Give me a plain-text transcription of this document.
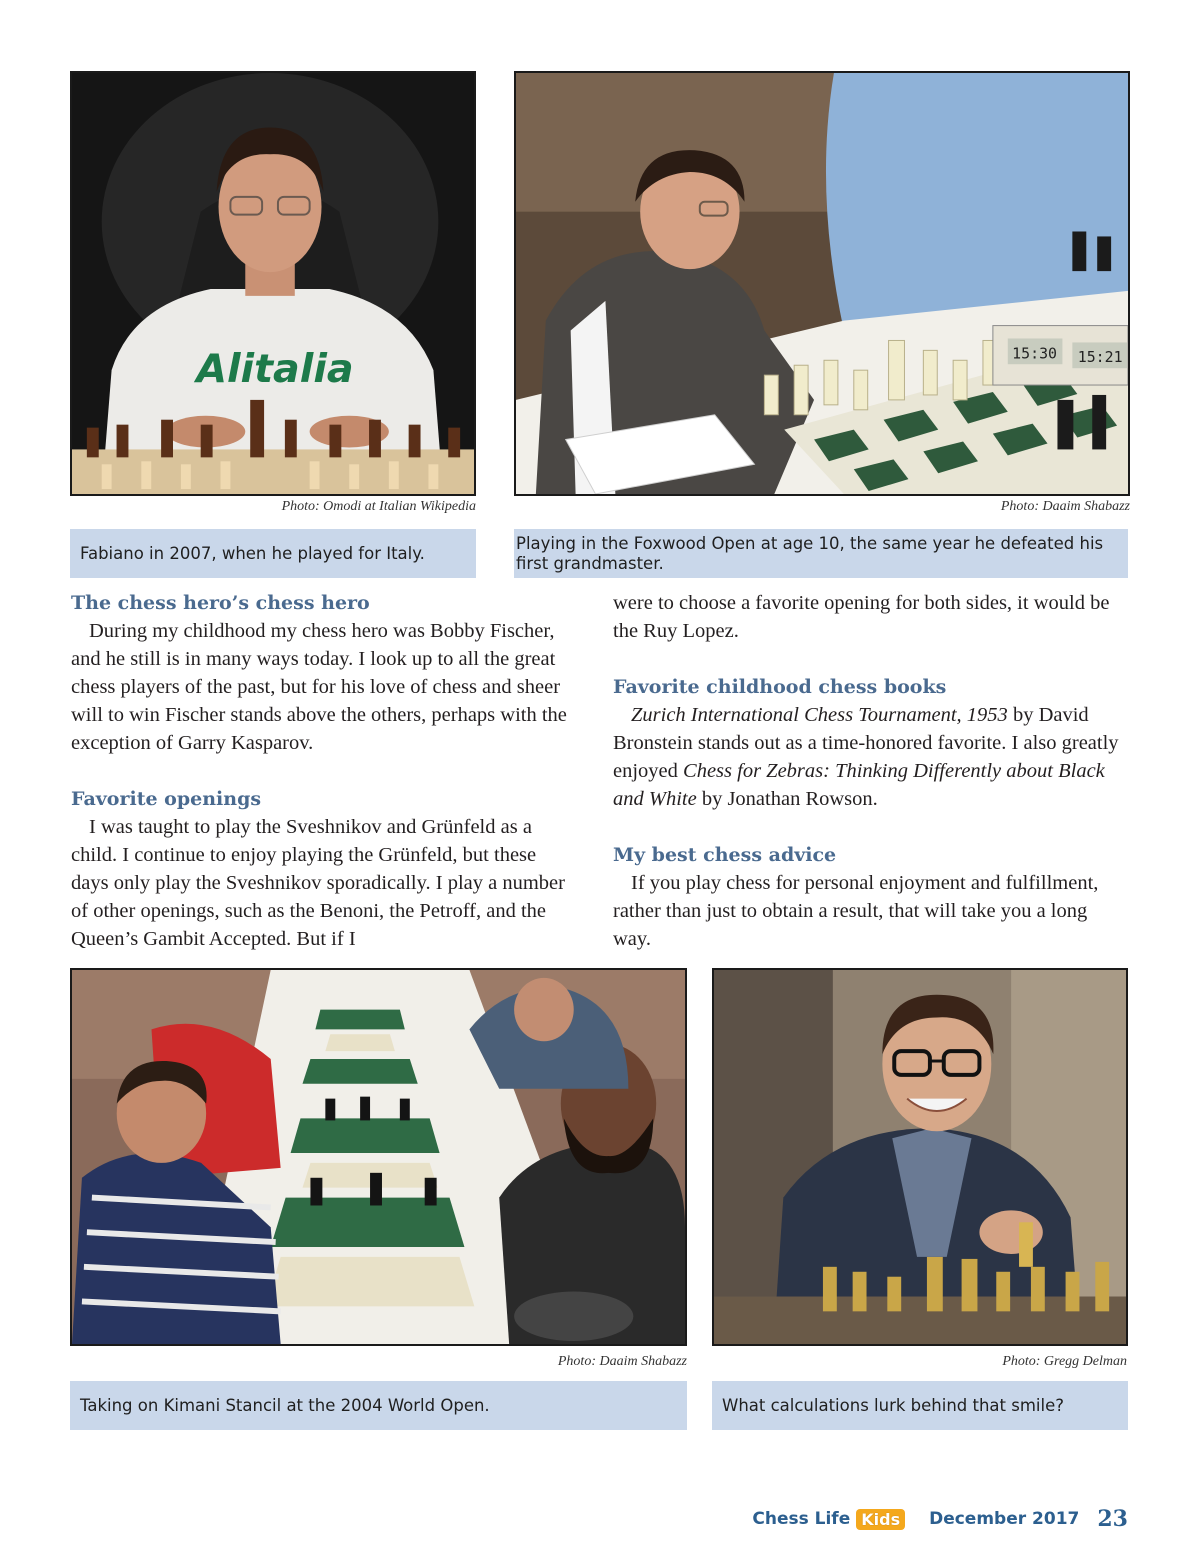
Alitalia
Photo: Omodi at Italian Wikipedia
Fabiano in 2007, when he played for Italy.
15:30 15:21
Photo: Daaim Shabazz
Playing in the Foxwood Open at age 10, the same year he defeated his first grandmaster.
The chess hero’s chess hero

During my childhood my chess hero was Bobby Fischer, and he still is in many ways today. I look up to all the great chess players of the past, but for his love of chess and sheer will to win Fischer stands above the others, perhaps with the exception of Garry Kasparov.

Favorite openings

I was taught to play the Sveshnikov and Grünfeld as a child. I continue to enjoy playing the Grünfeld, but these days only play the Sveshnikov sporadically. I play a number of other openings, such as the Benoni, the Petroff, and the Queen’s Gambit Accepted. But if I

were to choose a favorite opening for both sides, it would be the Ruy Lopez.

Favorite childhood chess books

Zurich International Chess Tournament, 1953 by David Bronstein stands out as a time-honored favorite. I also greatly enjoyed Chess for Zebras: Thinking Differently about Black and White by Jonathan Rowson.

My best chess advice

If you play chess for personal enjoyment and fulfillment, rather than just to obtain a result, that will take you a long way.

Photo: Daaim Shabazz
Taking on Kimani Stancil at the 2004 World Open.
Photo: Gregg Delman
What calculations lurk behind that smile?
Chess Life Kids December 2017 23
